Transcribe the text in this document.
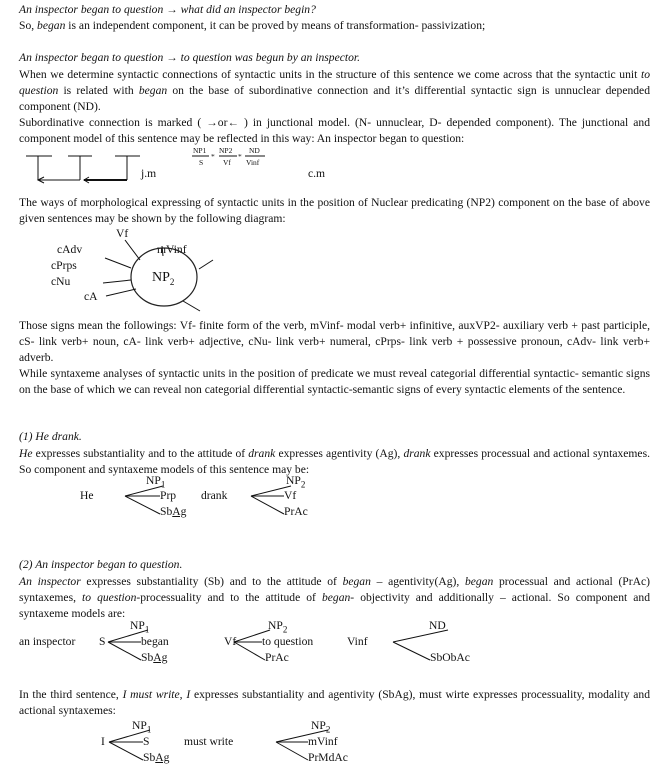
An inspector began to question → what did an inspector begin?
So, began is an independent component, it can be proved by means of transformation- passivization;
An inspector began to question → to question was begun by an inspector.
When we determine syntactic connections of syntactic units in the structure of this sentence we come across that the syntactic unit to question is related with began on the base of subordinative connection and it’s differential syntactic sign is unnuclear depended component (ND).
Subordinative connection is marked ( →or← ) in junctional model. (N- unnuclear, D- depended component). The junctional and component model of this sentence may be reflected in this way: An inspector began to question:
NP1
S
*
NP2
Vf
*
ND
Vinf
j.m	c.m
The ways of morphological expressing of syntactic units in the position of Nuclear predicating (NP2) component on the base of above given sentences may be shown by the following diagram:
Vf
mVinf
cAdv
cPrps
cNu
cA
$NP_2$
Those signs mean the followings: Vf- finite form of the verb, mVinf- modal verb+ infinitive, auxVP2- auxiliary verb + past participle, cS- link verb+ noun, cA- link verb+ adjective, cNu- link verb+ numeral, cPrps- link verb + possessive pronoun, cAdv- link verb+ adverb.
While syntaxeme analyses of syntactic units in the position of predicate we must reveal categorial differential syntactic- semantic signs on the base of which we can reveal non categorial differential syntactic-semantic signs of every syntactic elements of the sentence.
(1) He drank.
He expresses substantiality and to the attitude of drank expresses agentivity (Ag), drank expresses processual and actional syntaxemes. So component and syntaxeme models of this sentence may be:
He
$NP_1$
Prp
SbAg
drank
$NP_2$
Vf
PrAc
(2) An inspector began to question.
An inspector expresses substantiality (Sb) and to the attitude of began – agentivity(Ag), began processual and actional (PrAc) syntaxemes, to question-processuality and to the attitude of began- objectivity and additionally – actional. So component and syntaxeme models are:
an inspector S
$NP_1$
began
SbAg
Vf
$NP_2$
to question
PrAc
Vinf
ND
SbObAc
In the third sentence, I must write, I expresses substantiality and agentivity (SbAg), must wirte expresses processuality, modality and actional syntaxemes:
I
$NP_1$
S
SbAg
must write
$NP_2$
mVinf
PrMdAc
